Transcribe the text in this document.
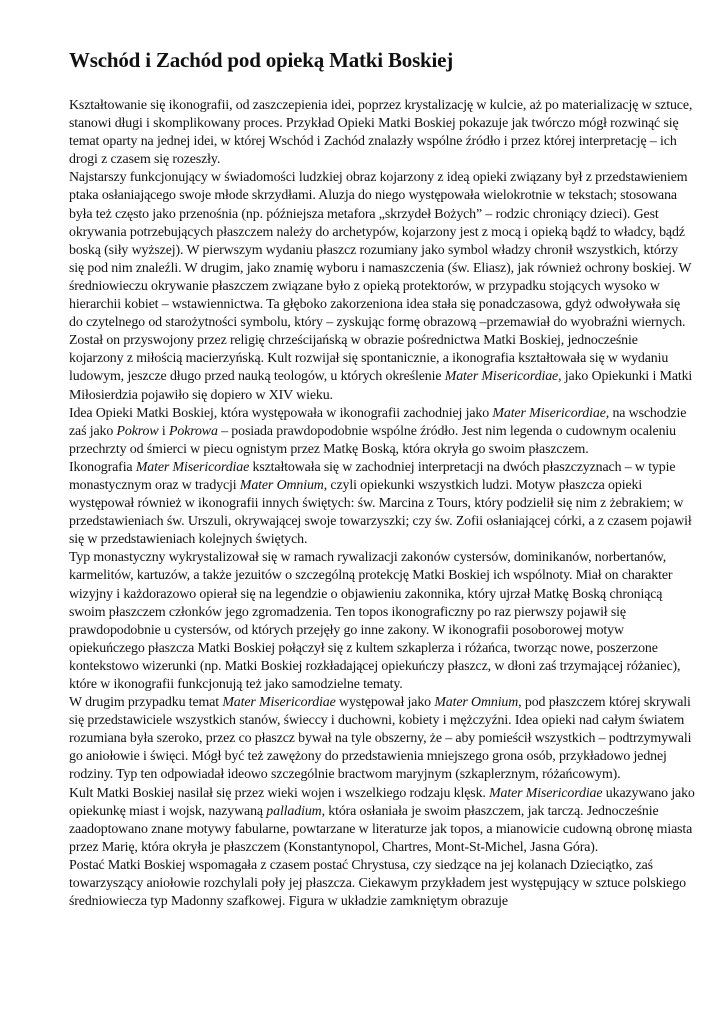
Wschód i Zachód pod opieką Matki Boskiej

Kształtowanie się ikonografii, od zaszczepienia idei, poprzez krystalizację w kulcie, aż po materializację w sztuce, stanowi długi i skomplikowany proces. Przykład Opieki Matki Boskiej pokazuje jak twórczo mógł rozwinąć się temat oparty na jednej idei, w której Wschód i Zachód znalazły wspólne źródło i przez której interpretację – ich drogi z czasem się rozeszły.

Najstarszy funkcjonujący w świadomości ludzkiej obraz kojarzony z ideą opieki związany był z przedstawieniem ptaka osłaniającego swoje młode skrzydłami. Aluzja do niego występowała wielokrotnie w tekstach; stosowana była też często jako przenośnia (np. późniejsza metafora „skrzydeł Bożych” – rodzic chroniący dzieci). Gest okrywania potrzebujących płaszczem należy do archetypów, kojarzony jest z mocą i opieką bądź to władcy, bądź boską (siły wyższej). W pierwszym wydaniu płaszcz rozumiany jako symbol władzy chronił wszystkich, którzy się pod nim znaleźli. W drugim, jako znamię wyboru i namaszczenia (św. Eliasz), jak również ochrony boskiej. W średniowieczu okrywanie płaszczem związane było z opieką protektorów, w przypadku stojących wysoko w hierarchii kobiet – wstawiennictwa. Ta głęboko zakorzeniona idea stała się ponadczasowa, gdyż odwoływała się do czytelnego od starożytności symbolu, który – zyskując formę obrazową –przemawiał do wyobraźni wiernych. Został on przyswojony przez religię chrześcijańską w obrazie pośrednictwa Matki Boskiej, jednocześnie kojarzony z miłością macierzyńską. Kult rozwijał się spontanicznie, a ikonografia kształtowała się w wydaniu ludowym, jeszcze długo przed nauką teologów, u których określenie Mater Misericordiae, jako Opiekunki i Matki Miłosierdzia pojawiło się dopiero w XIV wieku.

Idea Opieki Matki Boskiej, która występowała w ikonografii zachodniej jako Mater Misericordiae, na wschodzie zaś jako Pokrow i Pokrowa – posiada prawdopodobnie wspólne źródło. Jest nim legenda o cudownym ocaleniu przechrzty od śmierci w piecu ognistym przez Matkę Boską, która okryła go swoim płaszczem.

Ikonografia Mater Misericordiae kształtowała się w zachodniej interpretacji na dwóch płaszczyznach – w typie monastycznym oraz w tradycji Mater Omnium, czyli opiekunki wszystkich ludzi. Motyw płaszcza opieki występował również w ikonografii innych świętych: św. Marcina z Tours, który podzielił się nim z żebrakiem; w przedstawieniach św. Urszuli, okrywającej swoje towarzyszki; czy św. Zofii osłaniającej córki, a z czasem pojawił się w przedstawieniach kolejnych świętych.

Typ monastyczny wykrystalizował się w ramach rywalizacji zakonów cystersów, dominikanów, norbertanów, karmelitów, kartuzów, a także jezuitów o szczególną protekcję Matki Boskiej ich wspólnoty. Miał on charakter wizyjny i każdorazowo opierał się na legendzie o objawieniu zakonnika, który ujrzał Matkę Boską chroniącą swoim płaszczem członków jego zgromadzenia. Ten topos ikonograficzny po raz pierwszy pojawił się prawdopodobnie u cystersów, od których przejęły go inne zakony. W ikonografii posoborowej motyw opiekuńczego płaszcza Matki Boskiej połączył się z kultem szkaplerza i różańca, tworząc nowe, poszerzone kontekstowo wizerunki (np. Matki Boskiej rozkładającej opiekuńczy płaszcz, w dłoni zaś trzymającej różaniec), które w ikonografii funkcjonują też jako samodzielne tematy.

W drugim przypadku temat Mater Misericordiae występował jako Mater Omnium, pod płaszczem której skrywali się przedstawiciele wszystkich stanów, świeccy i duchowni, kobiety i mężczyźni. Idea opieki nad całym światem rozumiana była szeroko, przez co płaszcz bywał na tyle obszerny, że – aby pomieścił wszystkich – podtrzymywali go aniołowie i święci. Mógł być też zawężony do przedstawienia mniejszego grona osób, przykładowo jednej rodziny. Typ ten odpowiadał ideowo szczególnie bractwom maryjnym (szkaplerznym, różańcowym).

Kult Matki Boskiej nasilał się przez wieki wojen i wszelkiego rodzaju klęsk. Mater Misericordiae ukazywano jako opiekunkę miast i wojsk, nazywaną palladium, która osłaniała je swoim płaszczem, jak tarczą. Jednocześnie zaadoptowano znane motywy fabularne, powtarzane w literaturze jak topos, a mianowicie cudowną obronę miasta przez Marię, która okryła je płaszczem (Konstantynopol, Chartres, Mont-St-Michel, Jasna Góra).

Postać Matki Boskiej wspomagała z czasem postać Chrystusa, czy siedzące na jej kolanach Dzieciątko, zaś towarzyszący aniołowie rozchylali poły jej płaszcza. Ciekawym przykładem jest występujący w sztuce polskiego średniowiecza typ Madonny szafkowej. Figura w układzie zamkniętym obrazuje
